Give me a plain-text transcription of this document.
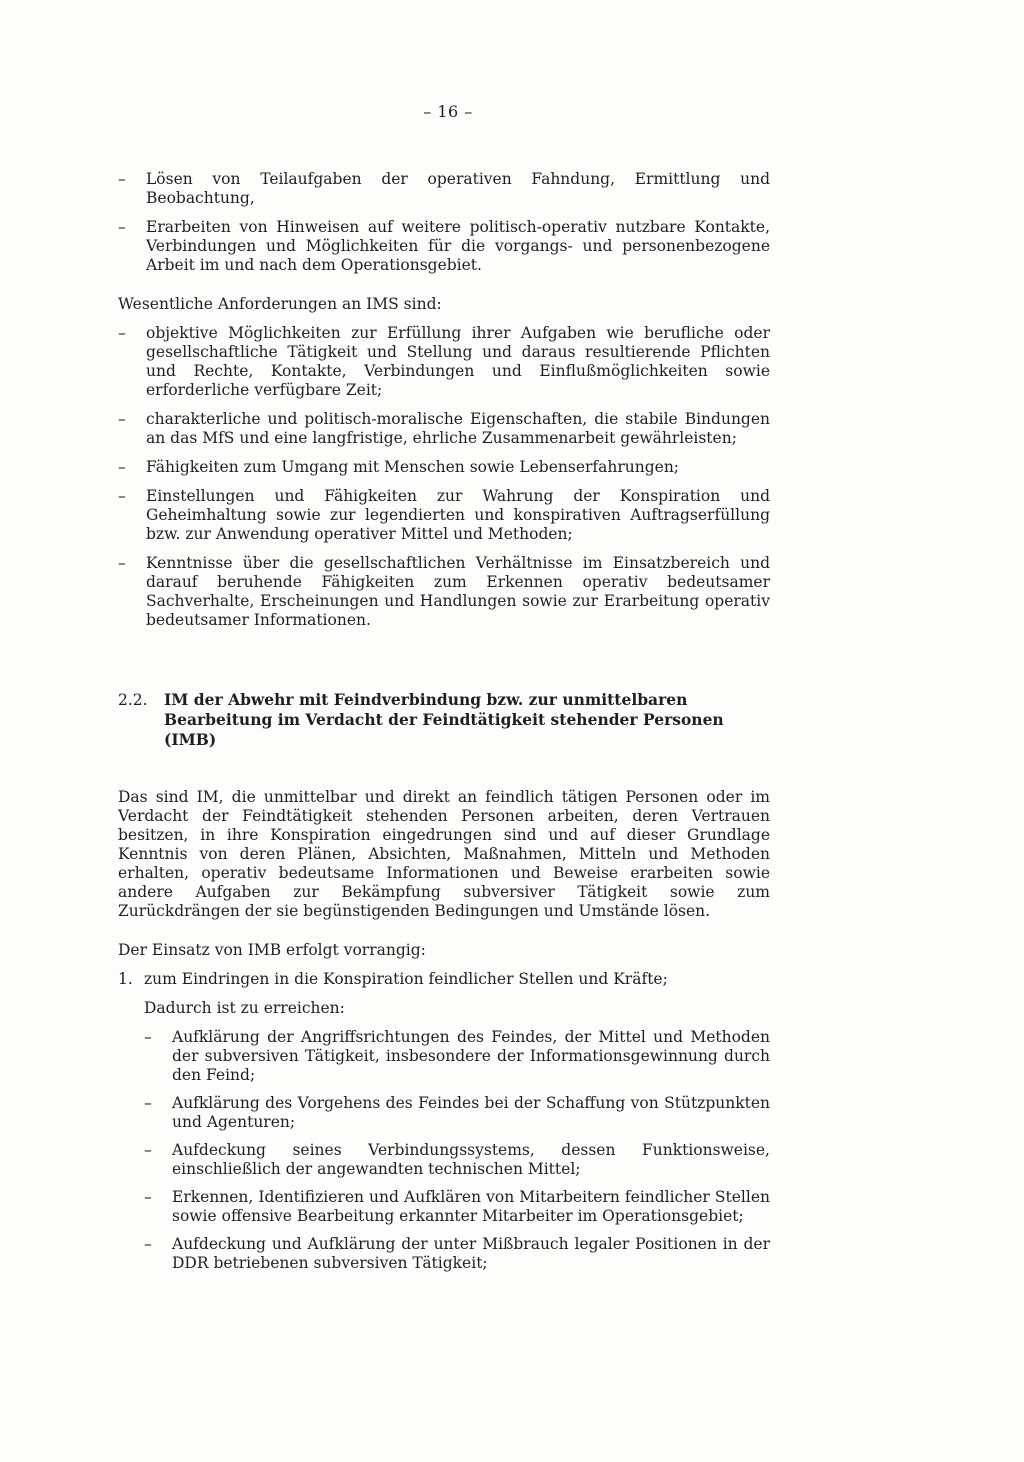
– 16 –
– Lösen von Teilaufgaben der operativen Fahndung, Ermittlung und Beobachtung,
– Erarbeiten von Hinweisen auf weitere politisch-operativ nutzbare Kontakte, Verbindungen und Möglichkeiten für die vorgangs- und personenbezogene Arbeit im und nach dem Operationsgebiet.

Wesentliche Anforderungen an IMS sind:

– objektive Möglichkeiten zur Erfüllung ihrer Aufgaben wie berufliche oder gesellschaftliche Tätigkeit und Stellung und daraus resultierende Pflichten und Rechte, Kontakte, Verbindungen und Einflußmöglichkeiten sowie erforderliche verfügbare Zeit;
– charakterliche und politisch-moralische Eigenschaften, die stabile Bindungen an das MfS und eine langfristige, ehrliche Zusammenarbeit gewährleisten;
– Fähigkeiten zum Umgang mit Menschen sowie Lebenserfahrungen;
– Einstellungen und Fähigkeiten zur Wahrung der Konspiration und Geheimhaltung sowie zur legendierten und konspirativen Auftragserfüllung bzw. zur Anwendung operativer Mittel und Methoden;
– Kenntnisse über die gesellschaftlichen Verhältnisse im Einsatzbereich und darauf beruhende Fähigkeiten zum Erkennen operativ bedeutsamer Sachverhalte, Erscheinungen und Handlungen sowie zur Erarbeitung operativ bedeutsamer Informationen.
2.2. IM der Abwehr mit Feindverbindung bzw. zur unmittelbaren Bearbeitung im Verdacht der Feindtätigkeit stehender Personen (IMB)

Das sind IM, die unmittelbar und direkt an feindlich tätigen Personen oder im Verdacht der Feindtätigkeit stehenden Personen arbeiten, deren Vertrauen besitzen, in ihre Konspiration eingedrungen sind und auf dieser Grundlage Kenntnis von deren Plänen, Absichten, Maßnahmen, Mitteln und Methoden erhalten, operativ bedeutsame Informationen und Beweise erarbeiten sowie andere Aufgaben zur Bekämpfung subversiver Tätigkeit sowie zum Zurückdrängen der sie begünstigenden Bedingungen und Umstände lösen.

Der Einsatz von IMB erfolgt vorrangig:

1. zum Eindringen in die Konspiration feindlicher Stellen und Kräfte;
Dadurch ist zu erreichen:
– Aufklärung der Angriffsrichtungen des Feindes, der Mittel und Methoden der subversiven Tätigkeit, insbesondere der Informationsgewinnung durch den Feind;
– Aufklärung des Vorgehens des Feindes bei der Schaffung von Stützpunkten und Agenturen;
– Aufdeckung seines Verbindungssystems, dessen Funktionsweise, einschließlich der angewandten technischen Mittel;
– Erkennen, Identifizieren und Aufklären von Mitarbeitern feindlicher Stellen sowie offensive Bearbeitung erkannter Mitarbeiter im Operationsgebiet;
– Aufdeckung und Aufklärung der unter Mißbrauch legaler Positionen in der DDR betriebenen subversiven Tätigkeit;
